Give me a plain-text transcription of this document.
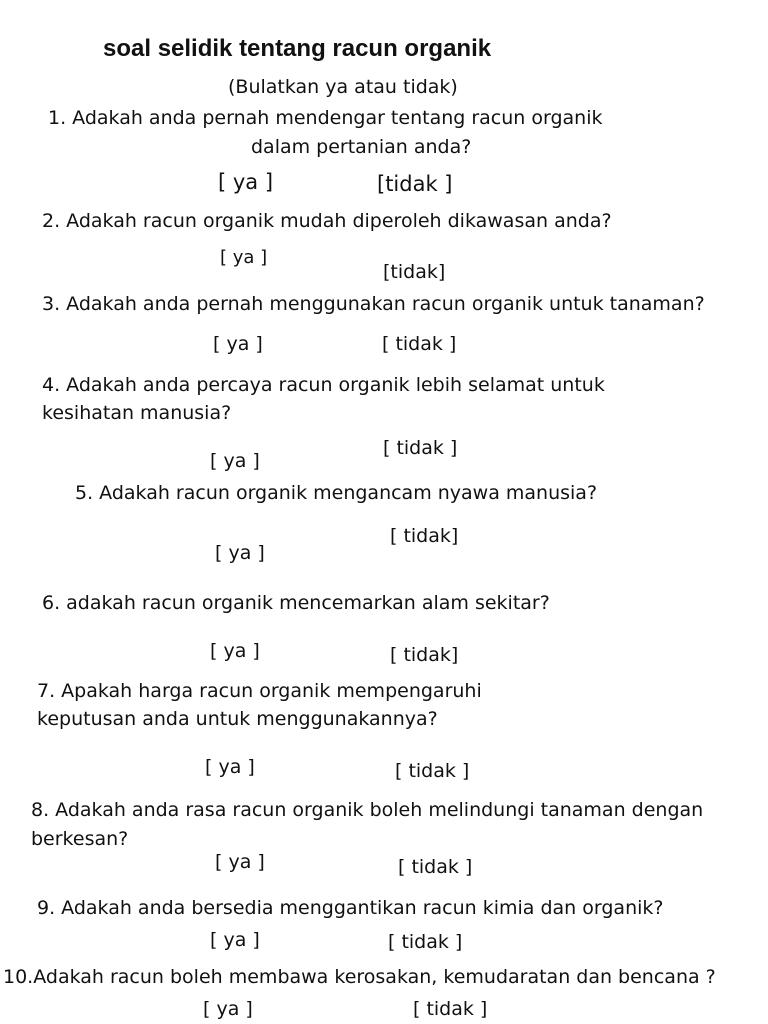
soal selidik tentang racun organik
(Bulatkan ya atau tidak)
1. Adakah anda pernah mendengar tentang racun organik
dalam pertanian anda?
[ ya ]	[tidak ]
2. Adakah racun organik mudah diperoleh dikawasan anda?
[ ya ]
[tidak]
3. Adakah anda pernah menggunakan racun organik untuk tanaman?
[ ya ]	[ tidak ]
4. Adakah anda percaya racun organik lebih selamat untuk
kesihatan manusia?
[ ya ]
[ tidak ]
5. Adakah racun organik mengancam nyawa manusia?
[ ya ]
[ tidak]
6. adakah racun organik mencemarkan alam sekitar?
[ ya ]	[ tidak]
7. Apakah harga racun organik mempengaruhi
keputusan anda untuk menggunakannya?
[ ya ]	[ tidak ]
8. Adakah anda rasa racun organik boleh melindungi tanaman dengan
berkesan?
[ ya ]	[ tidak ]
9. Adakah anda bersedia menggantikan racun kimia dan organik?
[ ya ]	[ tidak ]
10.Adakah racun boleh membawa kerosakan, kemudaratan dan bencana ?
[ ya ]	[ tidak ]
